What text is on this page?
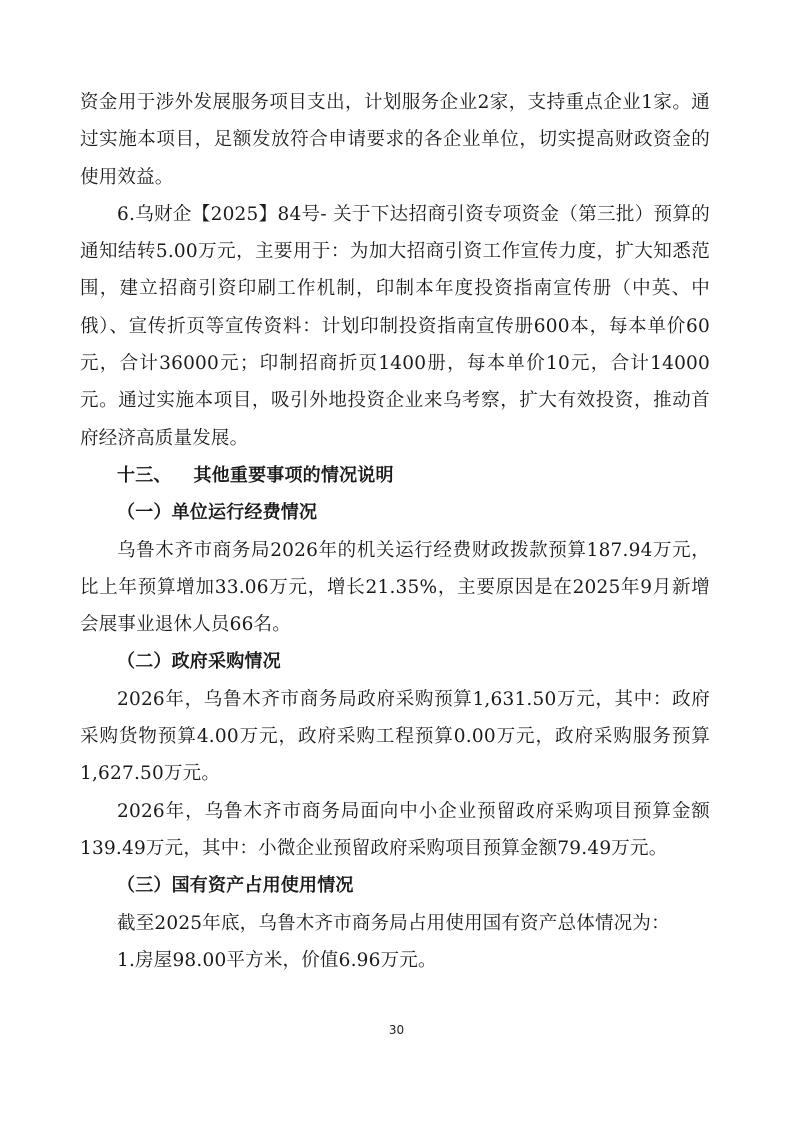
资金用于涉外发展服务项目支出，计划服务企业2家，支持重点企业1家。通过实施本项目，足额发放符合申请要求的各企业单位，切实提高财政资金的使用效益。

6.乌财企【2025】84号- 关于下达招商引资专项资金（第三批）预算的通知结转5.00万元，主要用于：为加大招商引资工作宣传力度，扩大知悉范围，建立招商引资印刷工作机制，印制本年度投资指南宣传册（中英、中俄）、宣传折页等宣传资料：计划印制投资指南宣传册600本，每本单价60元，合计36000元；印制招商折页1400册，每本单价10元，合计14000元。通过实施本项目，吸引外地投资企业来乌考察，扩大有效投资，推动首府经济高质量发展。

十三、 其他重要事项的情况说明

（一）单位运行经费情况

乌鲁木齐市商务局2026年的机关运行经费财政拨款预算187.94万元，比上年预算增加33.06万元，增长21.35%，主要原因是在2025年9月新增会展事业退休人员66名。

（二）政府采购情况

2026年，乌鲁木齐市商务局政府采购预算1,631.50万元，其中：政府采购货物预算4.00万元，政府采购工程预算0.00万元，政府采购服务预算1,627.50万元。

2026年，乌鲁木齐市商务局面向中小企业预留政府采购项目预算金额139.49万元，其中：小微企业预留政府采购项目预算金额79.49万元。

（三）国有资产占用使用情况

截至2025年底，乌鲁木齐市商务局占用使用国有资产总体情况为：

1.房屋98.00平方米，价值6.96万元。

30
